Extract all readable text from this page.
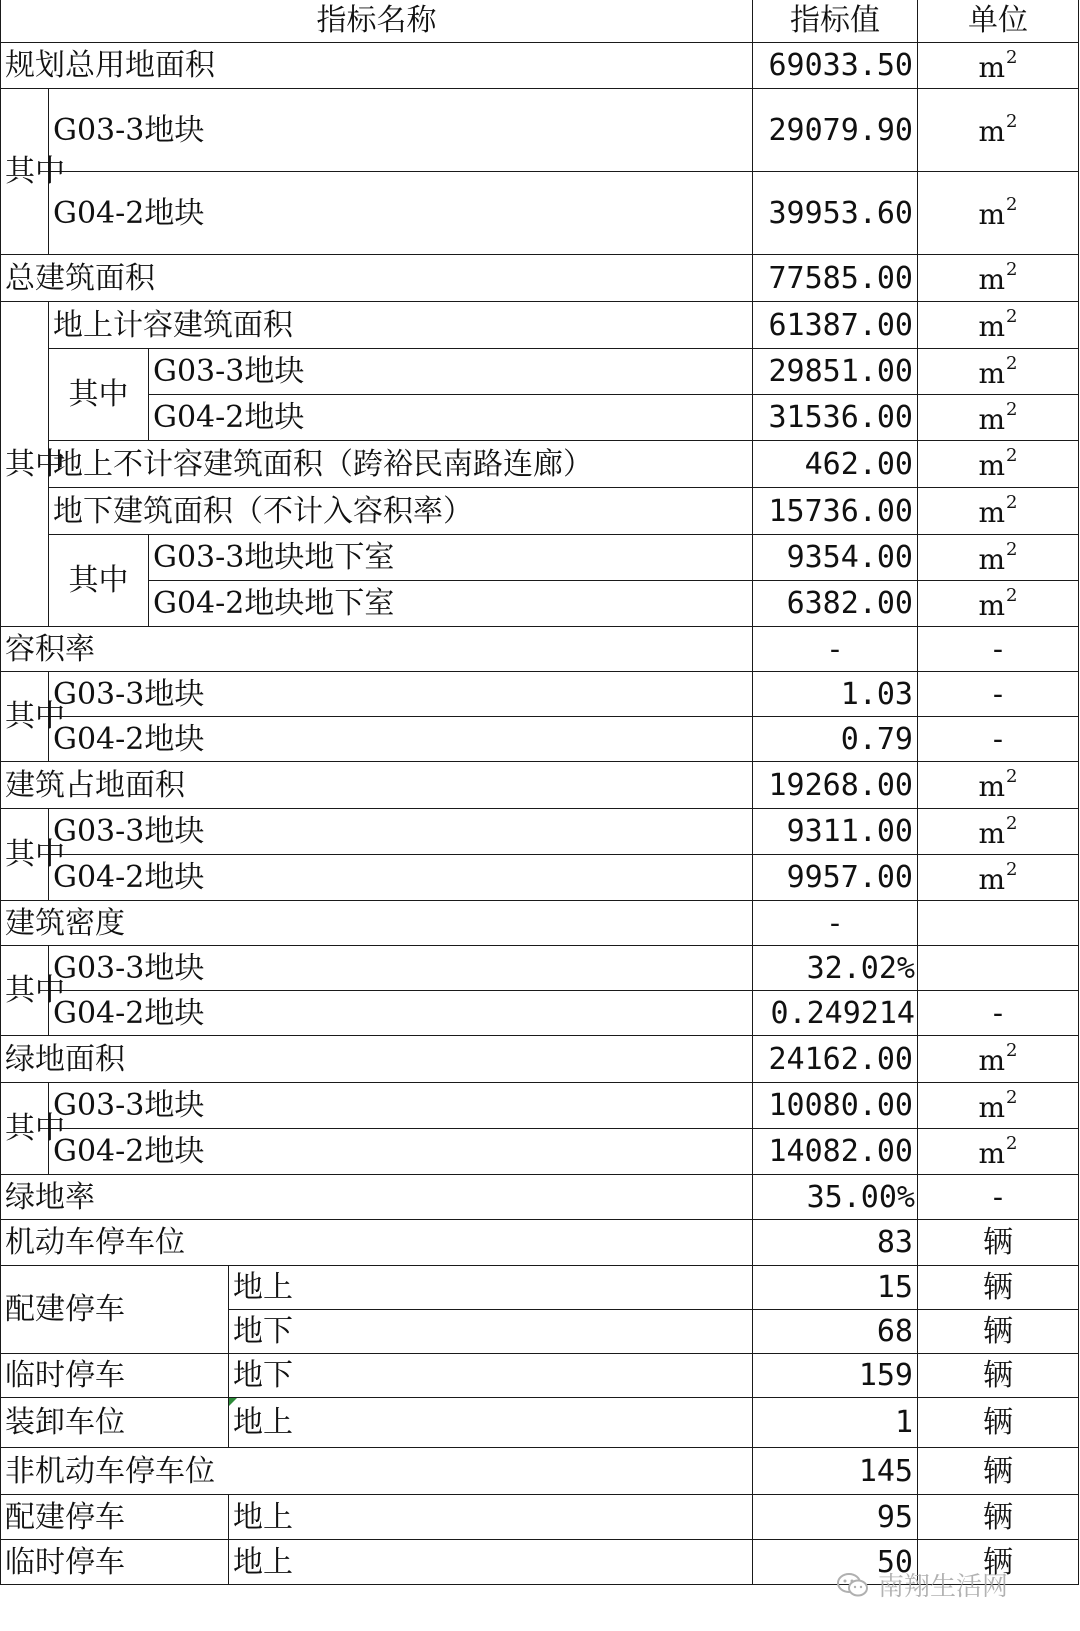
指标名称				指标值	单位
规划总用地面积				69033.50	$m^2$
其中	G03-3地块			29079.90	$m^2$
	G04-2地块			39953.60	$m^2$
总建筑面积				77585.00	$m^2$
其中	地上计容建筑面积			61387.00	$m^2$
	其中	G03-3地块		29851.00	$m^2$
		G04-2地块		31536.00	$m^2$
	地上不计容建筑面积（跨裕民南路连廊）			462.00	$m^2$
	地下建筑面积（不计入容积率）			15736.00	$m^2$
	其中	G03-3地块地下室		9354.00	$m^2$
		G04-2地块地下室		6382.00	$m^2$
容积率				-	-
其中	G03-3地块			1.03	-
	G04-2地块			0.79	-
建筑占地面积				19268.00	$m^2$
其中	G03-3地块			9311.00	$m^2$
	G04-2地块			9957.00	$m^2$
建筑密度				-	
其中	G03-3地块			32.02%	
	G04-2地块			0.249214	-
绿地面积				24162.00	$m^2$
其中	G03-3地块			10080.00	$m^2$
	G04-2地块			14082.00	$m^2$
绿地率				35.00%	-
机动车停车位				83	辆
配建停车			地上	15	辆
			地下	68	辆
临时停车			地下	159	辆
装卸车位			地上	1	辆
非机动车停车位				145	辆
配建停车			地上	95	辆
临时停车			地上	50	辆
南翔生活网
